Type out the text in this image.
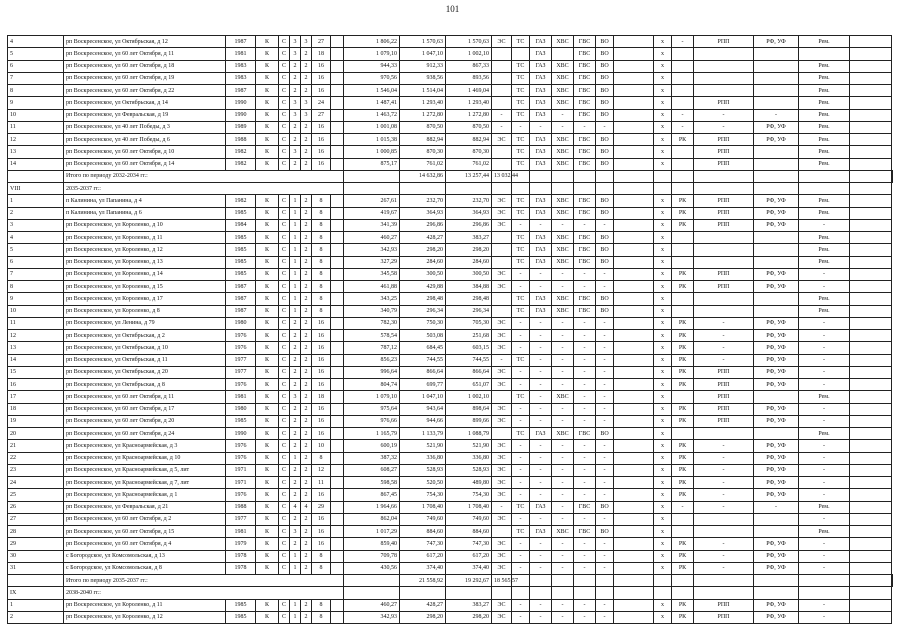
101
4	рп Воскресенское, ул Октябрьская, д 12	1987	К	С	3	3	27		1 806,22	1 570,63	1 570,63	ЭС	ТС	ГАЗ	ХВС	ГВС	ВО		х	-	РПП	РФ, УФ	Рем.		
5	рп Воскресенское, ул 60 лет Октября, д 11	1981	К	С	3	2	18		1 079,10	1 047,10	1 002,10			ГАЗ		ГВС	ВО		х						
6	рп Воскресенское, ул 60 лет Октября, д 18	1983	К	С	2	2	16		944,33	912,33	867,33		ТС	ГАЗ	ХВС	ГВС	ВО		х				Рем.		
7	рп Воскресенское, ул 60 лет Октября, д 19	1983	К	С	2	2	16		970,56	938,56	893,56		ТС	ГАЗ	ХВС	ГВС	ВО		х				Рем.		
8	рп Воскресенское, ул 60 лет Октября, д 22	1987	К	С	2	2	16		1 546,04	1 514,04	1 469,04		ТС	ГАЗ	ХВС	ГВС	ВО		х				Рем.		
9	рп Воскресенское, ул Октябрьская, д 14	1990	К	С	3	3	24		1 487,41	1 293,40	1 293,40		ТС	ГАЗ	ХВС	ГВС	ВО		х		РПП		Рем.		
10	рп Воскресенское, ул Февральская, д 19	1990	К	С	3	3	27		1 463,72	1 272,80	1 272,80	-	ТС	ГАЗ	-	ГВС	ВО		х	-	-	-	Рем.		
11	рп Воскресенское, ул 40 лет Победы, д 3	1989	К	С	2	2	16		1 001,08	870,50	870,50	-	-	-	-	-	-		х	-	-	РФ, УФ	Рем.		
12	рп Воскресенское, ул 40 лет Победы, д 6	1988	К	С	2	2	16		1 015,38	882,94	882,94	ЭС	ТС	ГАЗ	ХВС	ГВС	ВО		х	РК	РПП	РФ, УФ	Рем.		
13	рп Воскресенское, ул 60 лет Октября, д 10	1982	К	С	3	2	16		1 000,85	870,30	870,30		ТС	ГАЗ	ХВС	ГВС	ВО		х		РПП		Рем.		
14	рп Воскресенское, ул 60 лет Октября, д 14	1982	К	С	2	2	16		875,17	761,02	761,02		ТС	ГАЗ	ХВС	ГВС	ВО		х		РПП		Рем.		
	Итого по периоду 2032-2034 гг.:									14 632,86	13 257,44	13 032,44													
VIII	2035-2037 гг.:																								
1	п Калинина, ул Папанина, д 4	1982	К	С	1	2	8		267,61	232,70	232,70	ЭС	ТС	ГАЗ	ХВС	ГВС	ВО		х	РК	РПП	РФ, УФ	Рем.		
2	п Калинина, ул Папанина, д 6	1985	К	С	1	2	8		419,67	364,93	364,93	ЭС	ТС	ГАЗ	ХВС	ГВС	ВО		х	РК	РПП	РФ, УФ	Рем.		
3	рп Воскресенское, ул Короленко, д 10	1984	К	С	1	2	8		341,39	296,86	296,86	ЭС	-	-	-	-	-		х	РК	РПП	РФ, УФ	-		
4	рп Воскресенское, ул Короленко, д 11	1985	К	С	1	2	8		460,27	428,27	383,27		ТС	ГАЗ	ХВС	ГВС	ВО		х				Рем.		
5	рп Воскресенское, ул Короленко, д 12	1985	К	С	1	2	8		342,93	298,20	298,20		ТС	ГАЗ	ХВС	ГВС	ВО		х				Рем.		
6	рп Воскресенское, ул Короленко, д 13	1985	К	С	1	2	8		327,29	284,60	284,60		ТС	ГАЗ	ХВС	ГВС	ВО		х				Рем.		
7	рп Воскресенское, ул Короленко, д 14	1985	К	С	1	2	8		345,58	300,50	300,50	ЭС	-	-	-	-	-		х	РК	РПП	РФ, УФ	-		
8	рп Воскресенское, ул Короленко, д 15	1987	К	С	1	2	8		461,88	429,88	384,88	ЭС	-	-	-	-	-		х	РК	РПП	РФ, УФ	-		
9	рп Воскресенское, ул Короленко, д 17	1987	К	С	1	2	8		343,25	298,48	298,48		ТС	ГАЗ	ХВС	ГВС	ВО		х				Рем.		
10	рп Воскресенское, ул Короленко, д 8	1987	К	С	1	2	8		340,79	296,34	296,34		ТС	ГАЗ	ХВС	ГВС	ВО		х				Рем.		
11	рп Воскресенское, ул Ленина, д 79	1980	К	С	2	2	16		782,30	750,30	705,30	ЭС	-	-	-	-	-		х	РК	-	РФ, УФ	-		
12	рп Воскресенское, ул Октябрьская, д 2	1976	К	С	2	2	16		578,54	503,08	251,68	ЭС	-	-	-	-	-		х	РК	-	РФ, УФ	-		
13	рп Воскресенское, ул Октябрьская, д 10	1976	К	С	2	2	16		787,12	684,45	603,15	ЭС	-	-	-	-	-		х	РК	-	РФ, УФ	-		
14	рп Воскресенское, ул Октябрьская, д 11	1977	К	С	2	2	16		856,23	744,55	744,55	-	ТС	-	-	-	-		х	РК	-	РФ, УФ	-		
15	рп Воскресенское, ул Октябрьская, д 20	1977	К	С	2	2	16		996,64	866,64	866,64	ЭС	-	-	-	-	-		х	РК	РПП	РФ, УФ	-		
16	рп Воскресенское, ул Октябрьская, д 8	1976	К	С	2	2	16		804,74	699,77	651,07	ЭС	-	-	-	-	-		х	РК	РПП	РФ, УФ	-		
17	рп Воскресенское, ул 60 лет Октября, д 11	1981	К	С	3	2	18		1 079,10	1 047,10	1 002,10		ТС	-	ХВС	-	-		х		РПП		Рем.		
18	рп Воскресенское, ул 60 лет Октября, д 17	1980	К	С	2	2	16		975,64	943,64	898,64	ЭС	-	-	-	-	-		х	РК	РПП	РФ, УФ	-		
19	рп Воскресенское, ул 60 лет Октября, д 20	1985	К	С	2	2	16		976,66	944,66	899,66	ЭС	-	-	-	-	-		х	РК	РПП	РФ, УФ	-		
20	рп Воскресенское, ул 60 лет Октября, д 24	1990	К	С	2	2	16		1 165,79	1 133,79	1 088,79		ТС	ГАЗ	ХВС	ГВС	ВО		х				Рем.		
21	рп Воскресенское, ул Красноармейская, д 3	1976	К	С	2	2	10		600,19	521,90	521,90	ЭС	-	-	-	-	-		х	РК	-	РФ, УФ	-		
22	рп Воскресенское, ул Красноармейская, д 10	1976	К	С	1	2	8		387,32	336,80	336,80	ЭС	-	-	-	-	-		х	РК	-	РФ, УФ	-		
23	рп Воскресенское, ул Красноармейская, д 5, лит	1971	К	С	2	2	12		608,27	528,93	528,93	ЭС	-	-	-	-	-		х	РК	-	РФ, УФ	-		
24	рп Воскресенское, ул Красноармейская, д 7, лит	1971	К	С	2	2	11		598,58	520,50	489,80	ЭС	-	-	-	-	-		х	РК	-	РФ, УФ	-		
25	рп Воскресенское, ул Красноармейская, д 1	1976	К	С	2	2	16		867,45	754,30	754,30	ЭС	-	-	-	-	-		х	РК	-	РФ, УФ	-		
26	рп Воскресенское, ул Февральская, д 21	1988	К	С	4	4	29		1 964,66	1 708,40	1 708,40	-	ТС	ГАЗ	-	ГВС	ВО		х	-	-	-	Рем.		
27	рп Воскресенское, ул 60 лет Октября, д 2	1977	К	С	2	2	16		862,04	749,60	749,60	ЭС	-	-	-	-	-		х				-		
28	рп Воскресенское, ул 60 лет Октября, д 15	1981	К	С	3	2	16		1 017,29	884,60	884,60		ТС	ГАЗ	ХВС	ГВС	ВО		х				Рем.		
29	рп Воскресенское, ул 60 лет Октября, д 4	1979	К	С	2	2	16		859,40	747,30	747,30	ЭС	-	-	-	-	-		х	РК	-	РФ, УФ	-		
30	с Богородское, ул Комсомольская, д 13	1978	К	С	1	2	8		709,78	617,20	617,20	ЭС	-	-	-	-	-		х	РК	-	РФ, УФ	-		
31	с Богородское, ул Комсомольская, д 8	1978	К	С	1	2	8		430,56	374,40	374,40	ЭС	-	-	-	-	-		х	РК	-	РФ, УФ	-		
	Итого по периоду 2035-2037 гг.:									21 558,92	19 292,67	18 565,57													
IX	2038-2040 гг.:																								
1	рп Воскресенское, ул Короленко, д 11	1985	К	С	1	2	8		460,27	428,27	383,27	ЭС	-	-	-	-	-		х	РК	РПП	РФ, УФ	-		
2	рп Воскресенское, ул Короленко, д 12	1985	К	С	1	2	8		342,93	298,20	298,20	ЭС	-	-	-	-	-		х	РК	РПП	РФ, УФ	-		
